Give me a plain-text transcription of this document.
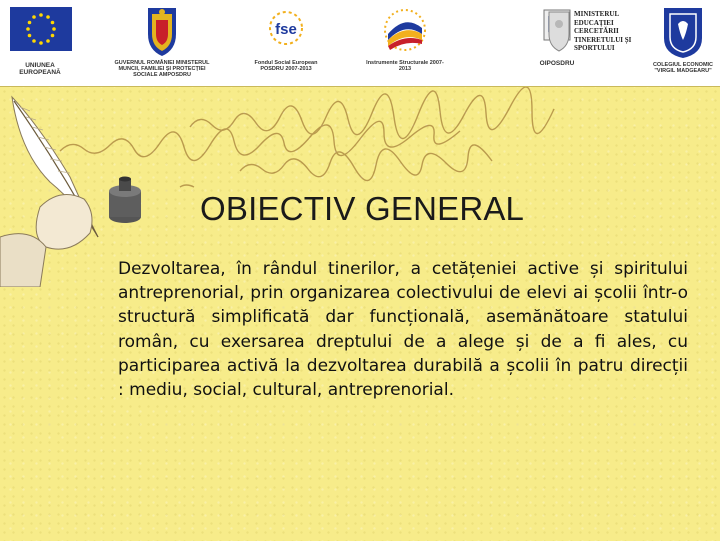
UNIUNEA EUROPEANĂ
GUVERNUL ROMÂNIEI MINISTERUL MUNCII, FAMILIEI ȘI PROTECȚIEI SOCIALE AMPOSDRU
fse
Fondul Social European POSDRU 2007-2013
Instrumente Structurale 2007-2013
OIPOSDRU
MINISTERUL EDUCAȚIEI CERCETĂRII TINERETULUI ȘI SPORTULUI
COLEGIUL ECONOMIC "VIRGIL MADGEARU"
OBIECTIV GENERAL
Dezvoltarea, în rândul tinerilor, a cetățeniei active și spiritului antreprenorial, prin organizarea colectivului de elevi ai școlii într-o structură simplificată dar funcțională, asemănătoare statului român, cu exersarea dreptului de a alege și de a fi ales, cu participarea activă la dezvoltarea durabilă a școlii în patru direcții : mediu, social, cultural, antreprenorial.
